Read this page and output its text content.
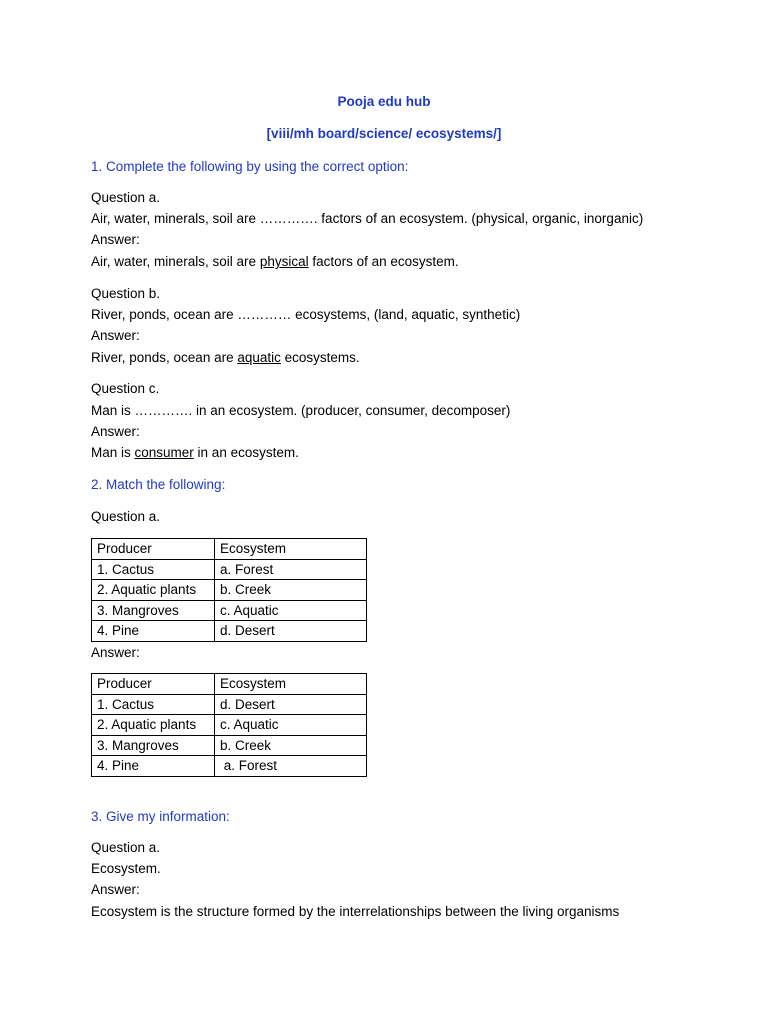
Pooja edu hub
[viii/mh board/science/ ecosystems/]
1. Complete the following by using the correct option:
Question a.
Air, water, minerals, soil are …………. factors of an ecosystem. (physical, organic, inorganic)
Answer:
Air, water, minerals, soil are physical factors of an ecosystem.
Question b.
River, ponds, ocean are ………… ecosystems, (land, aquatic, synthetic)
Answer:
River, ponds, ocean are aquatic ecosystems.
Question c.
Man is …………. in an ecosystem. (producer, consumer, decomposer)
Answer:
Man is consumer in an ecosystem.
2. Match the following:
Question a.
Producer	Ecosystem
1. Cactus	a. Forest
2. Aquatic plants	b. Creek
3. Mangroves	c. Aquatic
4. Pine	d. Desert
Answer:
Producer	Ecosystem
1. Cactus	d. Desert
2. Aquatic plants	c. Aquatic
3. Mangroves	b. Creek
4. Pine	a. Forest
3. Give my information:
Question a.
Ecosystem.
Answer:
Ecosystem is the structure formed by the interrelationships between the living organisms
